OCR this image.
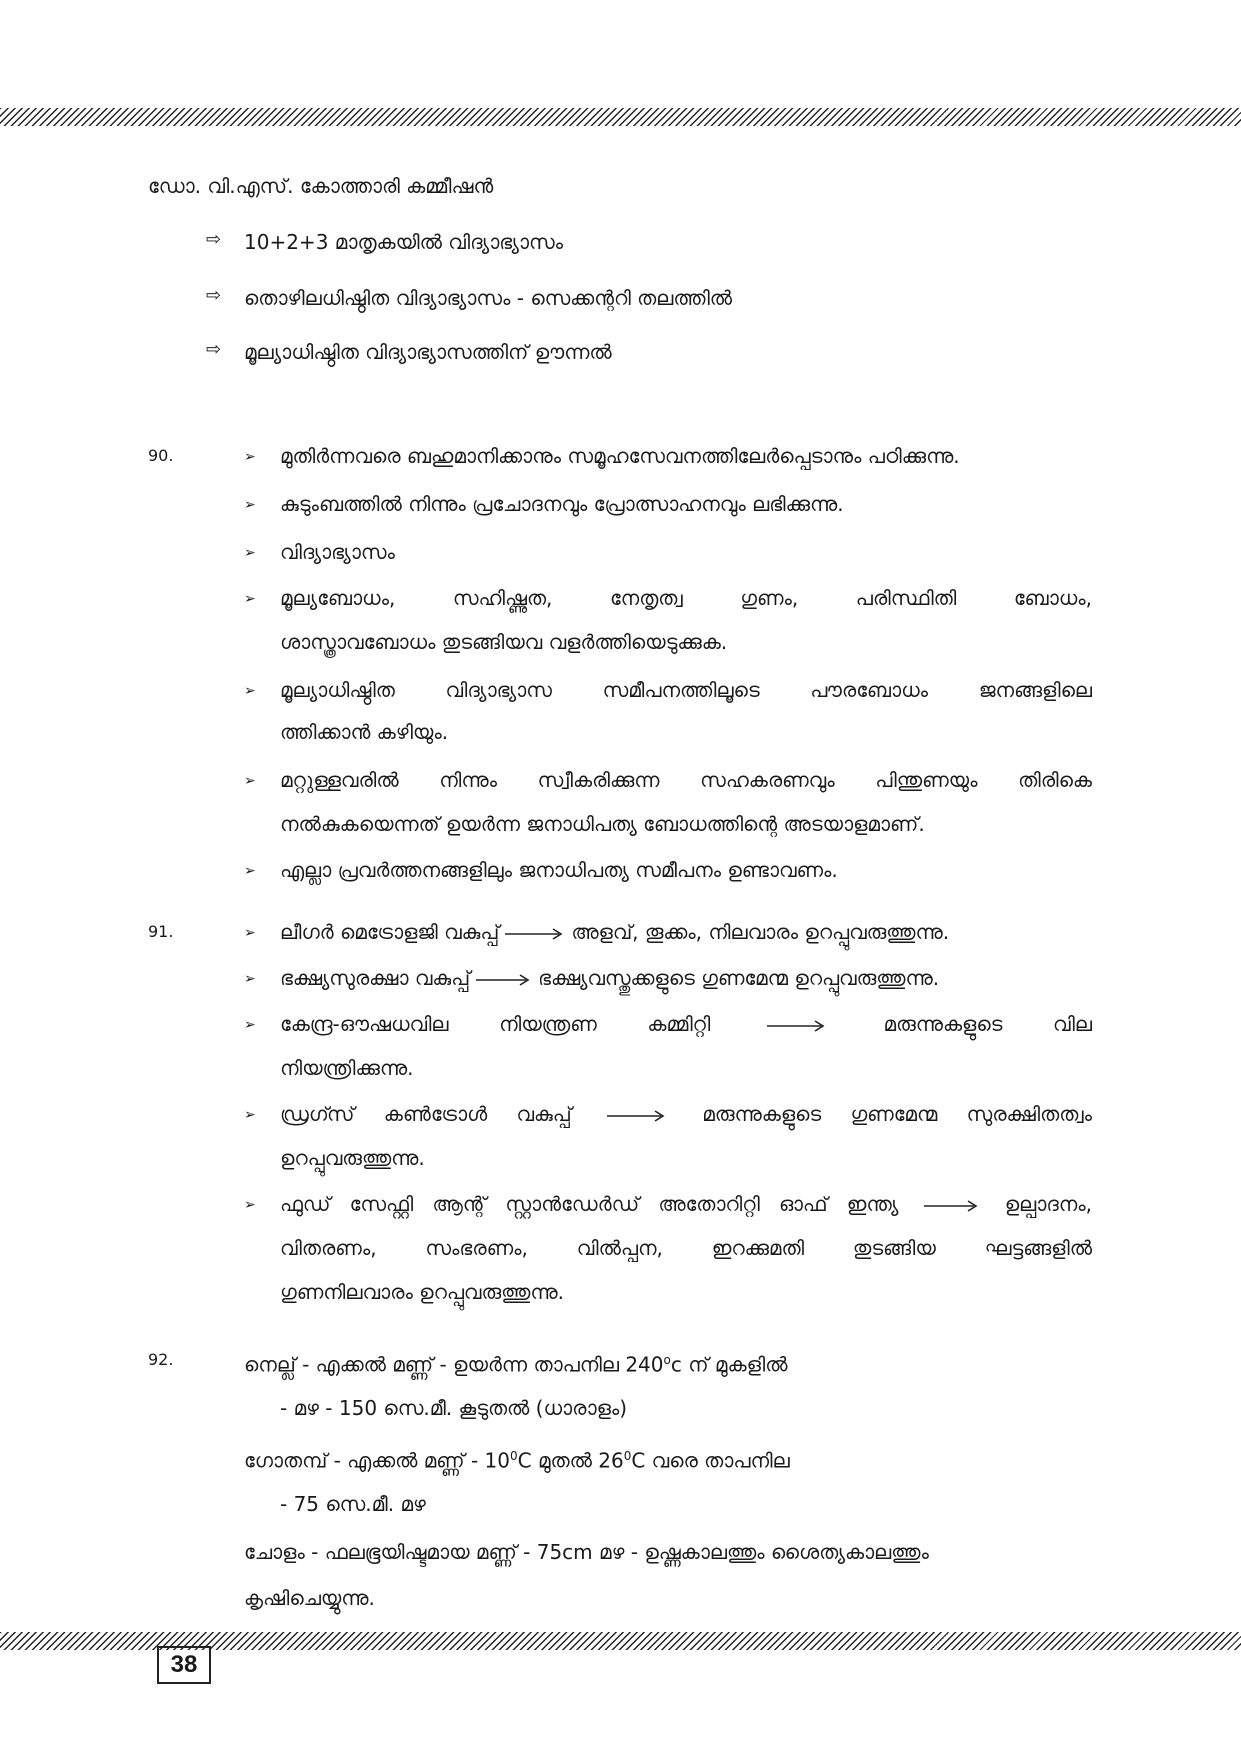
ഡോ. വി.എസ്. കോത്താരി കമ്മീഷൻ
⇨ 10+2+3 മാതൃകയിൽ വിദ്യാഭ്യാസം
⇨ തൊഴിലധിഷ്ഠിത വിദ്യാഭ്യാസം - സെക്കന്ററി തലത്തിൽ
⇨ മൂല്യാധിഷ്ഠിത വിദ്യാഭ്യാസത്തിന് ഊന്നൽ
90.	➢ മുതിർന്നവരെ ബഹുമാനിക്കാനും സമൂഹസേവനത്തിലേർപ്പെടാനും പഠിക്കുന്നു.
➢ കുടുംബത്തിൽ നിന്നും പ്രചോദനവും പ്രോത്സാഹനവും ലഭിക്കുന്നു.
➢ വിദ്യാഭ്യാസം
➢ മൂല്യബോധം, സഹിഷ്ണുത, നേതൃത്വ ഗുണം, പരിസ്ഥിതി ബോധം,
ശാസ്ത്രാവബോധം തുടങ്ങിയവ വളർത്തിയെടുക്കുക.
➢ മൂല്യാധിഷ്ഠിത വിദ്യാഭ്യാസ സമീപനത്തിലൂടെ പൗരബോധം ജനങ്ങളിലെ
ത്തിക്കാൻ കഴിയും.
➢ മറ്റുള്ളവരിൽ നിന്നും സ്വീകരിക്കുന്ന സഹകരണവും പിന്തുണയും തിരികെ
നൽകുകയെന്നത് ഉയർന്ന ജനാധിപത്യ ബോധത്തിന്റെ അടയാളമാണ്.
➢ എല്ലാ പ്രവർത്തനങ്ങളിലും ജനാധിപത്യ സമീപനം ഉണ്ടാവണം.
91.	➢ ലീഗർ മെട്രോളജി വകുപ്പ്	അളവ്, തൂക്കം, നിലവാരം ഉറപ്പുവരുത്തുന്നു.
➢ ഭക്ഷ്യസുരക്ഷാ വകുപ്പ്	ഭക്ഷ്യവസ്തുക്കളുടെ ഗുണമേന്മ ഉറപ്പുവരുത്തുന്നു.
➢ കേന്ദ്ര-ഔഷധവില നിയന്ത്രണ കമ്മിറ്റി	മരുന്നുകളുടെ വില
നിയന്ത്രിക്കുന്നു.
➢ ഡ്രഗ്സ് കൺട്രോൾ വകുപ്പ്	മരുന്നുകളുടെ ഗുണമേന്മ സുരക്ഷിതത്വം
ഉറപ്പുവരുത്തുന്നു.
➢ ഫുഡ് സേഫ്റ്റി ആന്റ് സ്റ്റാൻഡേർഡ് അതോറിറ്റി ഓഫ് ഇന്ത്യ	ഉല്പാദനം,
വിതരണം, സംഭരണം, വിൽപ്പന, ഇറക്കുമതി തുടങ്ങിയ ഘട്ടങ്ങളിൽ
ഗുണനിലവാരം ഉറപ്പുവരുത്തുന്നു.
92.	നെല്ല് - എക്കൽ മണ്ണ് - ഉയർന്ന താപനില 240$^o$c ന് മുകളിൽ
- മഴ - 150 സെ.മീ. കൂടുതൽ (ധാരാളം)
ഗോതമ്പ് - എക്കൽ മണ്ണ് - $10^0C$ മുതൽ $26^0C$ വരെ താപനില
- 75 സെ.മീ. മഴ
ചോളം - ഫലഭൂയിഷ്ടമായ മണ്ണ് - 75cm മഴ - ഉഷ്ണകാലത്തും ശൈത്യകാലത്തും
കൃഷിചെയ്യുന്നു.
38
